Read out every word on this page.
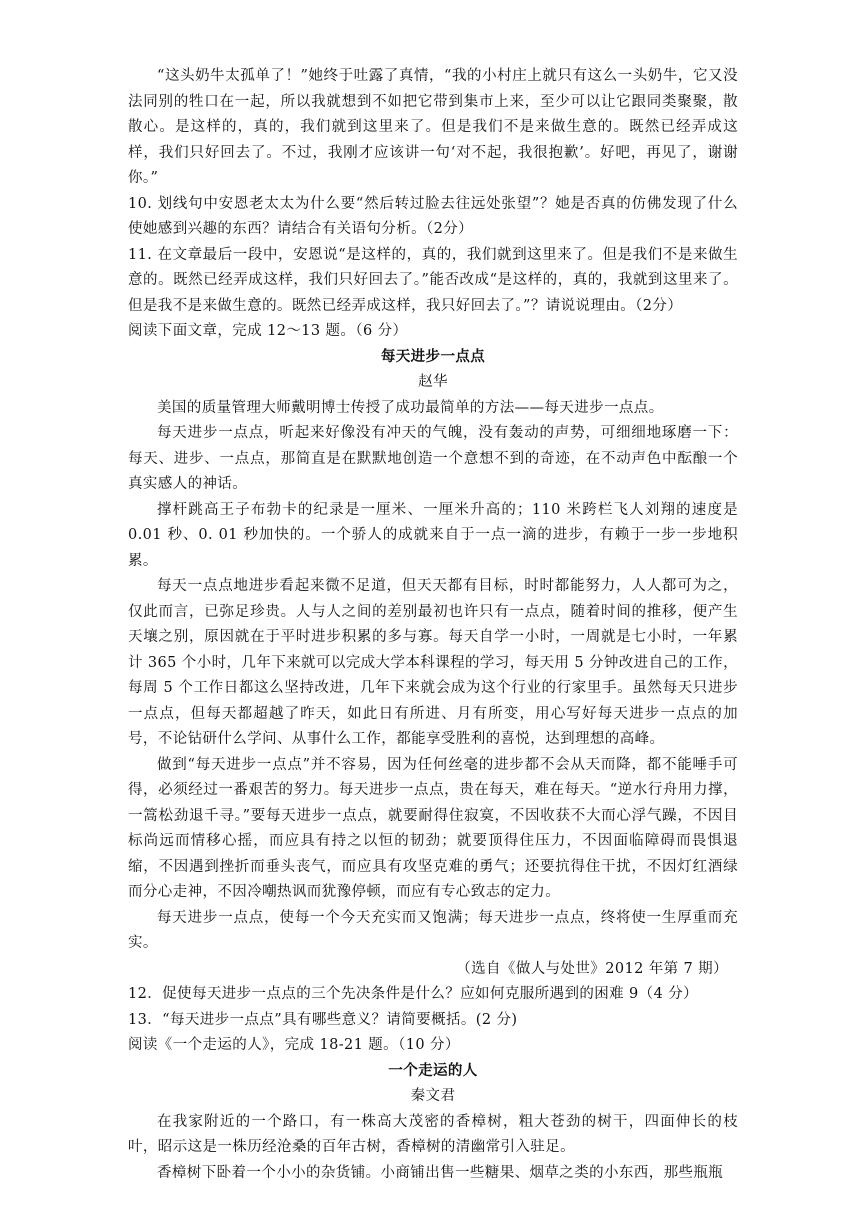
“这头奶牛太孤单了！”她终于吐露了真情，“我的小村庄上就只有这么一头奶牛，它又没法同别的牲口在一起，所以我就想到不如把它带到集市上来，至少可以让它跟同类聚聚，散散心。是这样的，真的，我们就到这里来了。但是我们不是来做生意的。既然已经弄成这样，我们只好回去了。不过，我刚才应该讲一句‘对不起，我很抱歉’。好吧，再见了，谢谢你。”

10. 划线句中安恩老太太为什么要“然后转过脸去往远处张望”？她是否真的仿佛发现了什么使她感到兴趣的东西？请结合有关语句分析。（2分）

11. 在文章最后一段中，安恩说“是这样的，真的，我们就到这里来了。但是我们不是来做生意的。既然已经弄成这样，我们只好回去了。”能否改成“是这样的，真的，我就到这里来了。但是我不是来做生意的。既然已经弄成这样，我只好回去了。”？请说说理由。（2分）

阅读下面文章，完成 12～13 题。（6 分）

每天进步一点点

赵华

美国的质量管理大师戴明博士传授了成功最简单的方法——每天进步一点点。

每天进步一点点，听起来好像没有冲天的气魄，没有轰动的声势，可细细地琢磨一下：每天、进步、一点点，那简直是在默默地创造一个意想不到的奇迹，在不动声色中酝酿一个真实感人的神话。

撑杆跳高王子布勃卡的纪录是一厘米、一厘米升高的；110 米跨栏飞人刘翔的速度是 0.01 秒、0. 01 秒加快的。一个骄人的成就来自于一点一滴的进步，有赖于一步一步地积累。

每天一点点地进步看起来微不足道，但天天都有目标，时时都能努力，人人都可为之，仅此而言，已弥足珍贵。人与人之间的差别最初也许只有一点点，随着时间的推移，便产生天壤之别，原因就在于平时进步积累的多与寡。每天自学一小时，一周就是七小时，一年累计 365 个小时，几年下来就可以完成大学本科课程的学习，每天用 5 分钟改进自己的工作，每周 5 个工作日都这么坚持改进，几年下来就会成为这个行业的行家里手。虽然每天只进步一点点，但每天都超越了昨天，如此日有所进、月有所变，用心写好每天进步一点点的加号，不论钻研什么学问、从事什么工作，都能享受胜利的喜悦，达到理想的高峰。

做到“每天进步一点点”并不容易，因为任何丝毫的进步都不会从天而降，都不能唾手可得，必须经过一番艰苦的努力。每天进步一点点，贵在每天，难在每天。“逆水行舟用力撑，一篙松劲退千寻。”要每天进步一点点，就要耐得住寂寞，不因收获不大而心浮气躁，不因目标尚远而情移心摇，而应具有持之以恒的韧劲；就要顶得住压力，不因面临障碍而畏惧退缩，不因遇到挫折而垂头丧气，而应具有攻坚克难的勇气；还要抗得住干扰，不因灯红酒绿而分心走神，不因冷嘲热讽而犹豫停顿，而应有专心致志的定力。

每天进步一点点，使每一个今天充实而又饱满；每天进步一点点，终将使一生厚重而充实。

（选自《做人与处世》2012 年第 7 期）

12．促使每天进步一点点的三个先决条件是什么？应如何克服所遇到的困难 9（4 分）

13．“每天进步一点点”具有哪些意义？请简要概括。(2 分)

阅读《一个走运的人》，完成 18-21 题。（10 分）

一个走运的人

秦文君

在我家附近的一个路口，有一株高大茂密的香樟树，粗大苍劲的树干，四面伸长的枝叶，昭示这是一株历经沧桑的百年古树，香樟树的清幽常引入驻足。

香樟树下卧着一个小小的杂货铺。小商铺出售一些糖果、烟草之类的小东西，那些瓶瓶
